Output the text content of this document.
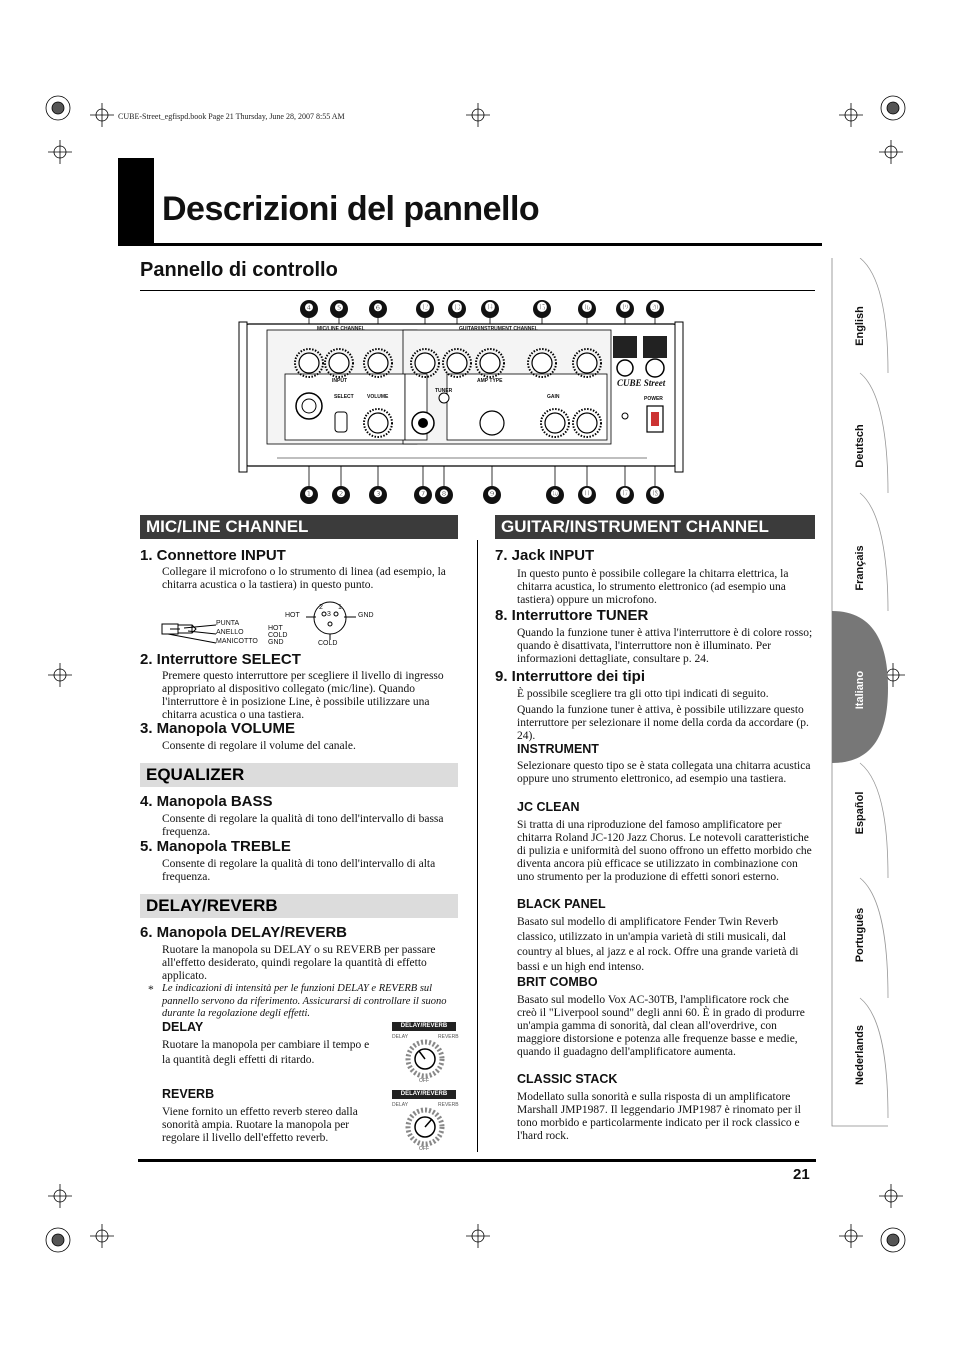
CUBE-Street_egfispd.book Page 21 Thursday, June 28, 2007 8:55 AM
Descrizioni del pannello
Pannello di controllo
MIC/LINE CHANNEL	GUITAR/INSTRUMENT CHANNEL
INPUT
SELECT	VOLUME
AMP TYPE
GAIN
TUNER
POWER
CUBE Street
❹	❺	❻	⓬	⓭	⓮	⓯	⓰	⓳	⓴
❶	❷	❸	❼	❽	❾	❿	⓫	⓱	⓲
MIC/LINE CHANNEL
1. Connettore INPUT
Collegare il microfono o lo strumento di linea (ad esempio, la chitarra acustica o la tastiera) in questo punto.
PUNTA
ANELLO
MANICOTTO
HOT
COLD
GND
HOT	GND
COLD
2 1
3
2. Interruttore SELECT
Premere questo interruttore per scegliere il livello di ingresso appropriato al dispositivo collegato (mic/line). Quando l'interruttore è in posizione Line, è possibile utilizzare una chitarra acustica o una tastiera.
3. Manopola VOLUME
Consente di regolare il volume del canale.
EQUALIZER
4. Manopola BASS
Consente di regolare la qualità di tono dell'intervallo di bassa frequenza.
5. Manopola TREBLE
Consente di regolare la qualità di tono dell'intervallo di alta frequenza.
DELAY/REVERB
6. Manopola DELAY/REVERB
Ruotare la manopola su DELAY o su REVERB per passare all'effetto desiderato, quindi regolare la quantità di effetto applicato.
* Le indicazioni di intensità per le funzioni DELAY e REVERB sul pannello servono da riferimento. Assicurarsi di controllare il suono durante la regolazione degli effetti.
DELAY
Ruotare la manopola per cambiare il tempo e la quantità degli effetti di ritardo.
REVERB
Viene fornito un effetto reverb stereo dalla sonorità ampia. Ruotare la manopola per regolare il livello dell'effetto reverb.
DELAY/REVERB
DELAY	REVERB
OFF
DELAY/REVERB
DELAY	REVERB
OFF
GUITAR/INSTRUMENT CHANNEL
7. Jack INPUT
In questo punto è possibile collegare la chitarra elettrica, la chitarra acustica, lo strumento elettronico (ad esempio una tastiera) oppure un microfono.
8. Interruttore TUNER
Quando la funzione tuner è attiva l'interruttore è di colore rosso; quando è disattivata, l'interruttore non è illuminato. Per informazioni dettagliate, consultare p. 24.
9. Interruttore dei tipi
È possibile scegliere tra gli otto tipi indicati di seguito.
Quando la funzione tuner è attiva, è possibile utilizzare questo interruttore per selezionare il nome della corda da accordare (p. 24).
INSTRUMENT
Selezionare questo tipo se è stata collegata una chitarra acustica oppure uno strumento elettronico, ad esempio una tastiera.
JC CLEAN
Si tratta di una riproduzione del famoso amplificatore per chitarra Roland JC-120 Jazz Chorus. Le notevoli caratteristiche di pulizia e uniformità del suono offrono un effetto morbido che diventa ancora più efficace se utilizzato in combinazione con uno strumento per la produzione di effetti sonori esterno.
BLACK PANEL
Basato sul modello di amplificatore Fender Twin Reverb classico, utilizzato in un'ampia varietà di stili musicali, dal country al blues, al jazz e al rock. Offre una grande varietà di bassi e un high end intenso.
BRIT COMBO
Basato sul modello Vox AC-30TB, l'amplificatore rock che creò il "Liverpool sound" degli anni 60. È in grado di produrre un'ampia gamma di sonorità, dal clean all'overdrive, con maggiore distorsione e potenza alle frequenze basse e medie, quando il guadagno dell'amplificatore aumenta.
CLASSIC STACK
Modellato sulla sonorità e sulla risposta di un amplificatore Marshall JMP1987. Il leggendario JMP1987 è rinomato per il tono morbido e particolarmente indicato per il rock classico e l'hard rock.
21
English
Deutsch
Français
Italiano
Español
Português
Nederlands
